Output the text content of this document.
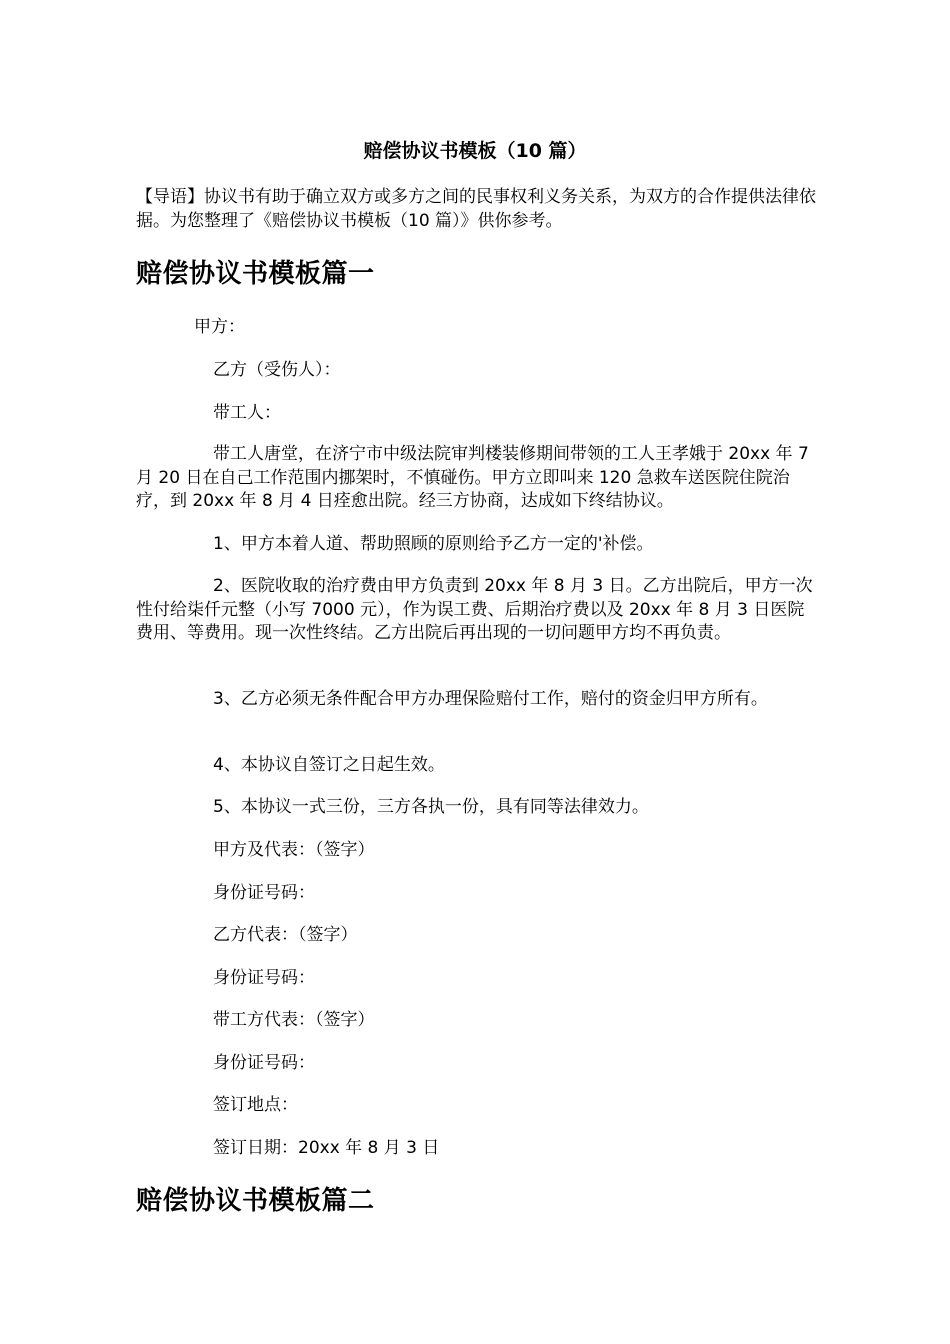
赔偿协议书模板（10 篇）
【导语】协议书有助于确立双方或多方之间的民事权利义务关系，为双方的合作提供法律依据。为您整理了《赔偿协议书模板（10 篇）》供你参考。
赔偿协议书模板篇一
甲方：
乙方（受伤人）：
带工人：
带工人唐堂，在济宁市中级法院审判楼装修期间带领的工人王孝娥于 20xx 年 7 月 20 日在自己工作范围内挪架时，不慎碰伤。甲方立即叫来 120 急救车送医院住院治疗，到 20xx 年 8 月 4 日痊愈出院。经三方协商，达成如下终结协议。
1、甲方本着人道、帮助照顾的原则给予乙方一定的'补偿。
2、医院收取的治疗费由甲方负责到 20xx 年 8 月 3 日。乙方出院后，甲方一次性付给柒仟元整（小写 7000 元），作为误工费、后期治疗费以及 20xx 年 8 月 3 日医院费用、等费用。现一次性终结。乙方出院后再出现的一切问题甲方均不再负责。
3、乙方必须无条件配合甲方办理保险赔付工作，赔付的资金归甲方所有。
4、本协议自签订之日起生效。
5、本协议一式三份，三方各执一份，具有同等法律效力。
甲方及代表：（签字）
身份证号码：
乙方代表：（签字）
身份证号码：
带工方代表：（签字）
身份证号码：
签订地点：
签订日期：20xx 年 8 月 3 日
赔偿协议书模板篇二
